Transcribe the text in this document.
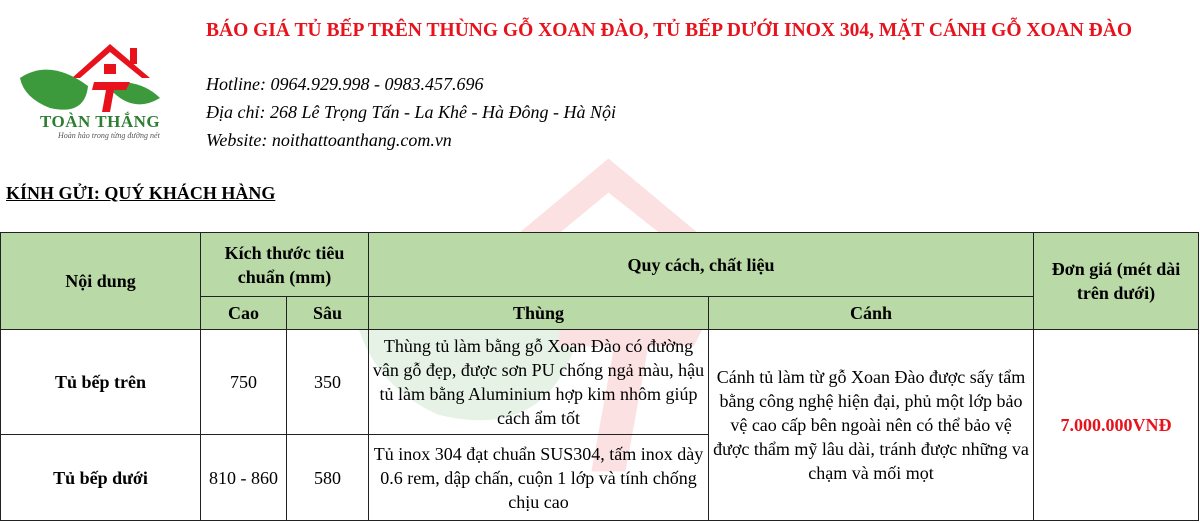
TOÀN THẮNG
Hoàn hảo trong từng đường nét
BÁO GIÁ TỦ BẾP TRÊN THÙNG GỖ XOAN ĐÀO, TỦ BẾP DƯỚI INOX 304, MẶT CÁNH GỖ XOAN ĐÀO
Hotline: 0964.929.998 - 0983.457.696
Địa chỉ: 268 Lê Trọng Tấn - La Khê - Hà Đông - Hà Nội
Website: noithattoanthang.com.vn
KÍNH GỬI: QUÝ KHÁCH HÀNG
Nội dung	Kích thước tiêu chuẩn (mm)		Quy cách, chất liệu		Đơn giá (mét dài trên dưới)
	Cao	Sâu	Thùng	Cánh	
Tủ bếp trên	750	350	Thùng tủ làm bằng gỗ Xoan Đào có đường vân gỗ đẹp, được sơn PU chống ngả màu, hậu tủ làm bằng Aluminium hợp kim nhôm giúp cách ẩm tốt	Cánh tủ làm từ gỗ Xoan Đào được sấy tẩm bằng công nghệ hiện đại, phủ một lớp bảo vệ cao cấp bên ngoài nên có thể bảo vệ được thẩm mỹ lâu dài, tránh được những va chạm và mối mọt	7.000.000VNĐ
Tủ bếp dưới	810 - 860	580	Tủ inox 304 đạt chuẩn SUS304, tấm inox dày 0.6 rem, dập chấn, cuộn 1 lớp và tính chống chịu cao		
